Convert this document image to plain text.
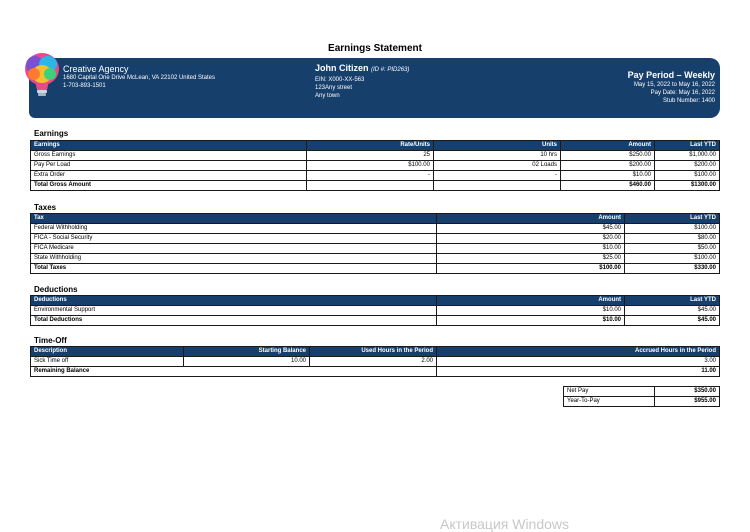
Earnings Statement
Creative Agency
1680 Capital One Drive McLean, VA 22102 United States
1-703-893-1501
John Citizen (ID #: PID263)
EIN: X000-XX-563
123Any street
Any town
Pay Period – Weekly
May 15, 2022 to May 16, 2022
Pay Date: May 16, 2022
Stub Number: 1400
Earnings
Earnings	Rate/Units	Units	Amount	Last YTD
Gross Earnings	25	10 hrs	$250.00	$1,000.00
Pay Per Load	$100.00	02 Loads	$200.00	$200.00
Extra Order	-	-	$10.00	$100.00
Total Gross Amount			$460.00	$1300.00
Taxes
Tax	Amount	Last YTD
Federal Withholding	$45.00	$100.00
FICA - Social Security	$20.00	$80.00
FICA Medicare	$10.00	$50.00
State Withholding	$25.00	$100.00
Total Taxes	$100.00	$330.00
Deductions
Deductions	Amount	Last YTD
Environmental Support	$10.00	$45.00
Total Deductions	$10.00	$45.00
Time-Off
Description	Starting Balance	Used Hours in the Period	Accrued Hours in the Period
Sick Time off	10.00	2.00	3.00
Remaining Balance			11.00
Net Pay	$350.00
Year-To-Pay	$955.00
Активация Windows
